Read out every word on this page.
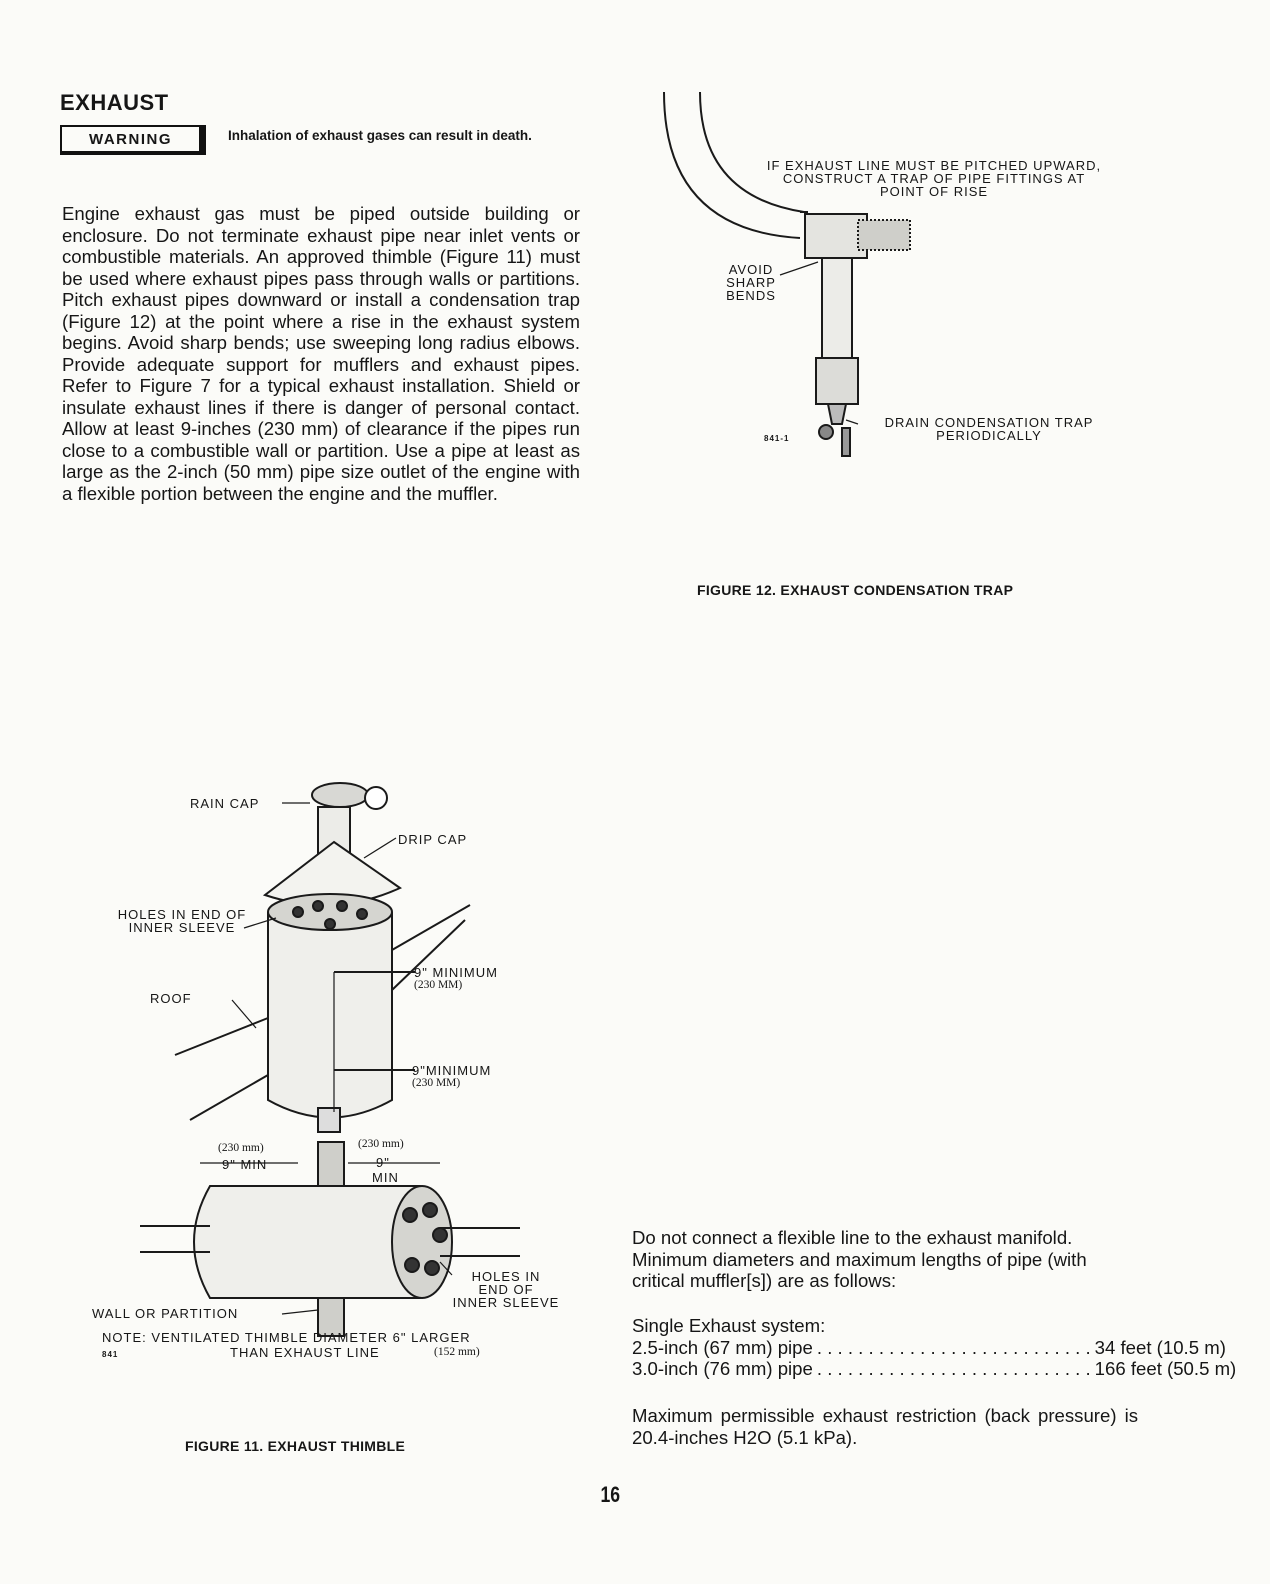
EXHAUST
WARNING	Inhalation of exhaust gases can result in death.

Engine exhaust gas must be piped outside building or enclosure. Do not terminate exhaust pipe near inlet vents or combustible materials. An approved thimble (Figure 11) must be used where exhaust pipes pass through walls or partitions. Pitch exhaust pipes downward or install a condensation trap (Figure 12) at the point where a rise in the exhaust system begins. Avoid sharp bends; use sweeping long radius elbows. Provide adequate support for mufflers and exhaust pipes. Refer to Figure 7 for a typical exhaust installation. Shield or insulate exhaust lines if there is danger of personal contact. Allow at least 9-inches (230 mm) of clearance if the pipes run close to a combustible wall or partition. Use a pipe at least as large as the 2-inch (50 mm) pipe size outlet of the engine with a flexible portion between the engine and the muffler.

IF EXHAUST LINE MUST BE PITCHED UPWARD,
CONSTRUCT A TRAP OF PIPE FITTINGS AT
POINT OF RISE
AVOID
SHARP
BENDS
DRAIN CONDENSATION TRAP
PERIODICALLY
841-1
FIGURE 12. EXHAUST CONDENSATION TRAP
RAIN CAP
DRIP CAP
HOLES IN END OF
INNER SLEEVE
ROOF
9" MINIMUM
(230 MM)
9"MINIMUM
(230 MM)
(230 mm)
9" MIN
(230 mm)
9"
MIN
HOLES IN
END OF
INNER SLEEVE
WALL OR PARTITION
NOTE: VENTILATED THIMBLE DIAMETER 6" LARGER
841	THAN EXHAUST LINE	(152 mm)
FIGURE 11. EXHAUST THIMBLE

Do not connect a flexible line to the exhaust manifold. Minimum diameters and maximum lengths of pipe (with critical muffler[s]) are as follows:

Single Exhaust system:

2.5-inch (67 mm) pipe . . . . . . . . . . . . . . . . . . . . . . . . . . . 34 feet (10.5 m)
3.0-inch (76 mm) pipe . . . . . . . . . . . . . . . . . . . . . . . . . . . 166 feet (50.5 m)

Maximum permissible exhaust restriction (back pressure) is 20.4-inches H2O (5.1 kPa).

16
